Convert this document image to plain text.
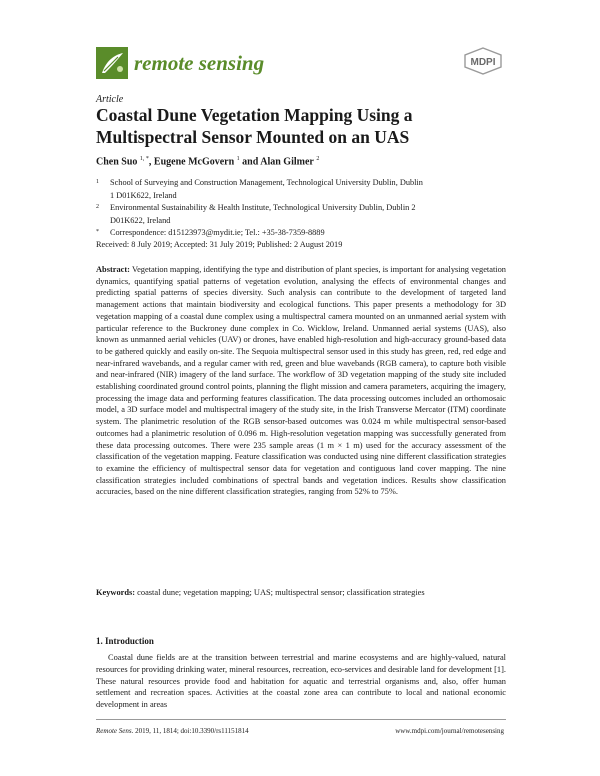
remote sensing	MDPI
Article
Coastal Dune Vegetation Mapping Using a Multispectral Sensor Mounted on an UAS
Chen Suo $^{1, *}$, Eugene McGovern $^1$ and Alan Gilmer $^2$
1 School of Surveying and Construction Management, Technological University Dublin, Dublin 1 D01K622, Ireland
2 Environmental Sustainability & Health Institute, Technological University Dublin, Dublin 2 D01K622, Ireland
* Correspondence: d15123973@mydit.ie; Tel.: +35-38-7359-8889
Received: 8 July 2019; Accepted: 31 July 2019; Published: 2 August 2019
Abstract: Vegetation mapping, identifying the type and distribution of plant species, is important for analysing vegetation dynamics, quantifying spatial patterns of vegetation evolution, analysing the effects of environmental changes and predicting spatial patterns of species diversity. Such analysis can contribute to the development of targeted land management actions that maintain biodiversity and ecological functions. This paper presents a methodology for 3D vegetation mapping of a coastal dune complex using a multispectral camera mounted on an unmanned aerial system with particular reference to the Buckroney dune complex in Co. Wicklow, Ireland. Unmanned aerial systems (UAS), also known as unmanned aerial vehicles (UAV) or drones, have enabled high-resolution and high-accuracy ground-based data to be gathered quickly and easily on-site. The Sequoia multispectral sensor used in this study has green, red, red edge and near-infrared wavebands, and a regular camer with red, green and blue wavebands (RGB camera), to capture both visible and near-infrared (NIR) imagery of the land surface. The workflow of 3D vegetation mapping of the study site included establishing coordinated ground control points, planning the flight mission and camera parameters, acquiring the imagery, processing the image data and performing features classification. The data processing outcomes included an orthomosaic model, a 3D surface model and multispectral imagery of the study site, in the Irish Transverse Mercator (ITM) coordinate system. The planimetric resolution of the RGB sensor-based outcomes was 0.024 m while multispectral sensor-based outcomes had a planimetric resolution of 0.096 m. High-resolution vegetation mapping was successfully generated from these data processing outcomes. There were 235 sample areas (1 m × 1 m) used for the accuracy assessment of the classification of the vegetation mapping. Feature classification was conducted using nine different classification strategies to examine the efficiency of multispectral sensor data for vegetation and contiguous land cover mapping. The nine classification strategies included combinations of spectral bands and vegetation indices. Results show classification accuracies, based on the nine different classification strategies, ranging from 52% to 75%.
Keywords: coastal dune; vegetation mapping; UAS; multispectral sensor; classification strategies
1. Introduction
Coastal dune fields are at the transition between terrestrial and marine ecosystems and are highly-valued, natural resources for providing drinking water, mineral resources, recreation, eco-services and desirable land for development [1]. These natural resources provide food and habitation for aquatic and terrestrial organisms and, also, offer human settlement and recreation spaces. Activities at the coastal zone area can contribute to local and national economic development in areas
Remote Sens. 2019, 11, 1814; doi:10.3390/rs11151814	www.mdpi.com/journal/remotesensing
